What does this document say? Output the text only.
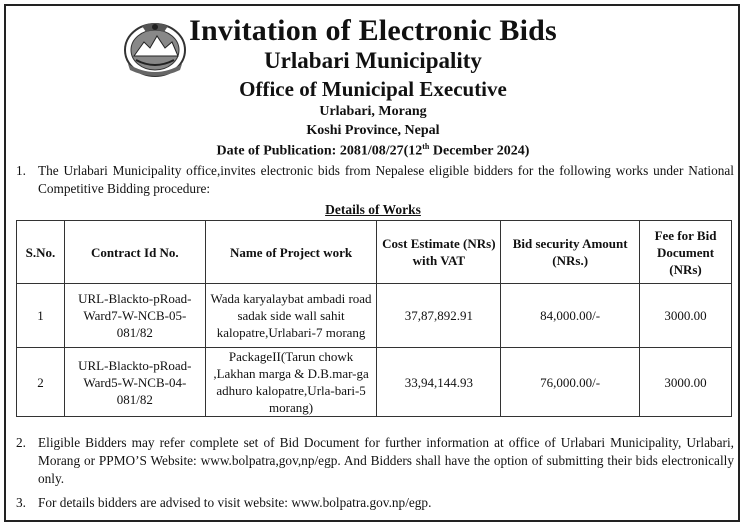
Invitation of Electronic Bids
Urlabari Municipality
Office of Municipal Executive
Urlabari, Morang
Koshi Province, Nepal
Date of Publication: 2081/08/27(12th December 2024)
1. The Urlabari Municipality office,invites electronic bids from Nepalese eligible bidders for the following works under National Competitive Bidding procedure:
Details of Works
S.No.	Contract Id No.	Name of Project work	Cost Estimate (NRs) with VAT	Bid security Amount (NRs.)	Fee for Bid Document (NRs)
1	URL-Blackto-pRoad-Ward7-W-NCB-05-081/82	Wada karyalaybat ambadi road sadak side wall sahit kalopatre,Urlabari-7 morang	37,87,892.91	84,000.00/-	3000.00
2	URL-Blackto-pRoad-Ward5-W-NCB-04-081/82	PackageII(Tarun chowk ,Lakhan marga & D.B.mar-ga adhuro kalopatre,Urla-bari-5 morang)	33,94,144.93	76,000.00/-	3000.00
2. Eligible Bidders may refer complete set of Bid Document for further information at office of Urlabari Municipality, Urlabari, Morang or PPMO’S Website: www.bolpatra,gov,np/egp. And Bidders shall have the option of submitting their bids electronically only.
3. For details bidders are advised to visit website: www.bolpatra.gov.np/egp.
